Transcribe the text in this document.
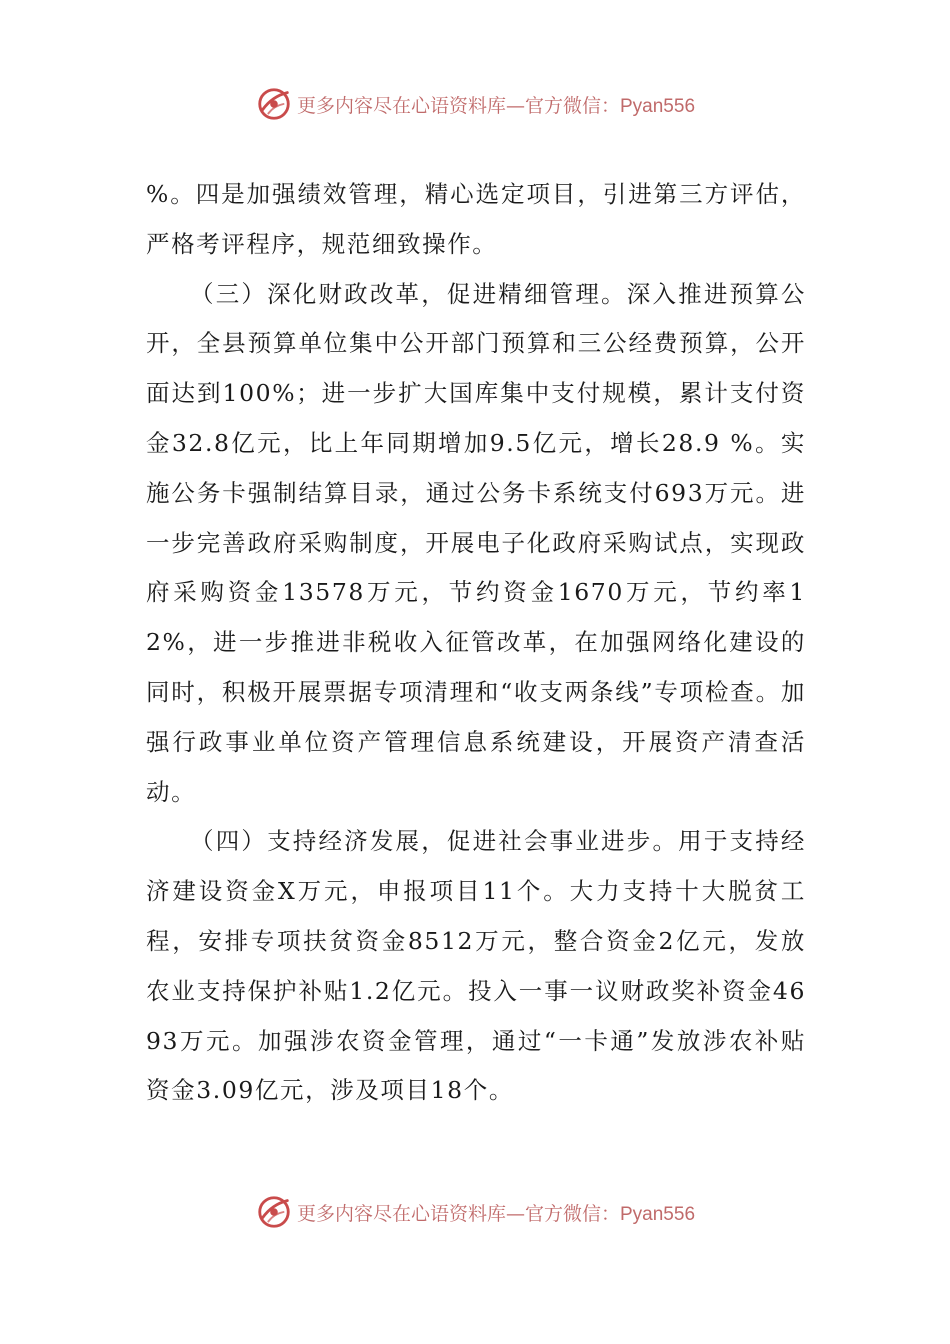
更多内容尽在心语资料库—官方微信：Pyan556

%。四是加强绩效管理，精心选定项目，引进第三方评估，严格考评程序，规范细致操作。

（三）深化财政改革，促进精细管理。深入推进预算公开，全县预算单位集中公开部门预算和三公经费预算，公开面达到100%；进一步扩大国库集中支付规模，累计支付资金32.8亿元，比上年同期增加9.5亿元，增长28.9 %。实施公务卡强制结算目录，通过公务卡系统支付693万元。进一步完善政府采购制度，开展电子化政府采购试点，实现政府采购资金13578万元，节约资金1670万元，节约率12%，进一步推进非税收入征管改革，在加强网络化建设的同时，积极开展票据专项清理和“收支两条线”专项检查。加强行政事业单位资产管理信息系统建设，开展资产清查活动。

（四）支持经济发展，促进社会事业进步。用于支持经济建设资金X万元，申报项目11个。大力支持十大脱贫工程，安排专项扶贫资金8512万元，整合资金2亿元，发放农业支持保护补贴1.2亿元。投入一事一议财政奖补资金4693万元。加强涉农资金管理，通过“一卡通”发放涉农补贴资金3.09亿元，涉及项目18个。

更多内容尽在心语资料库—官方微信：Pyan556
